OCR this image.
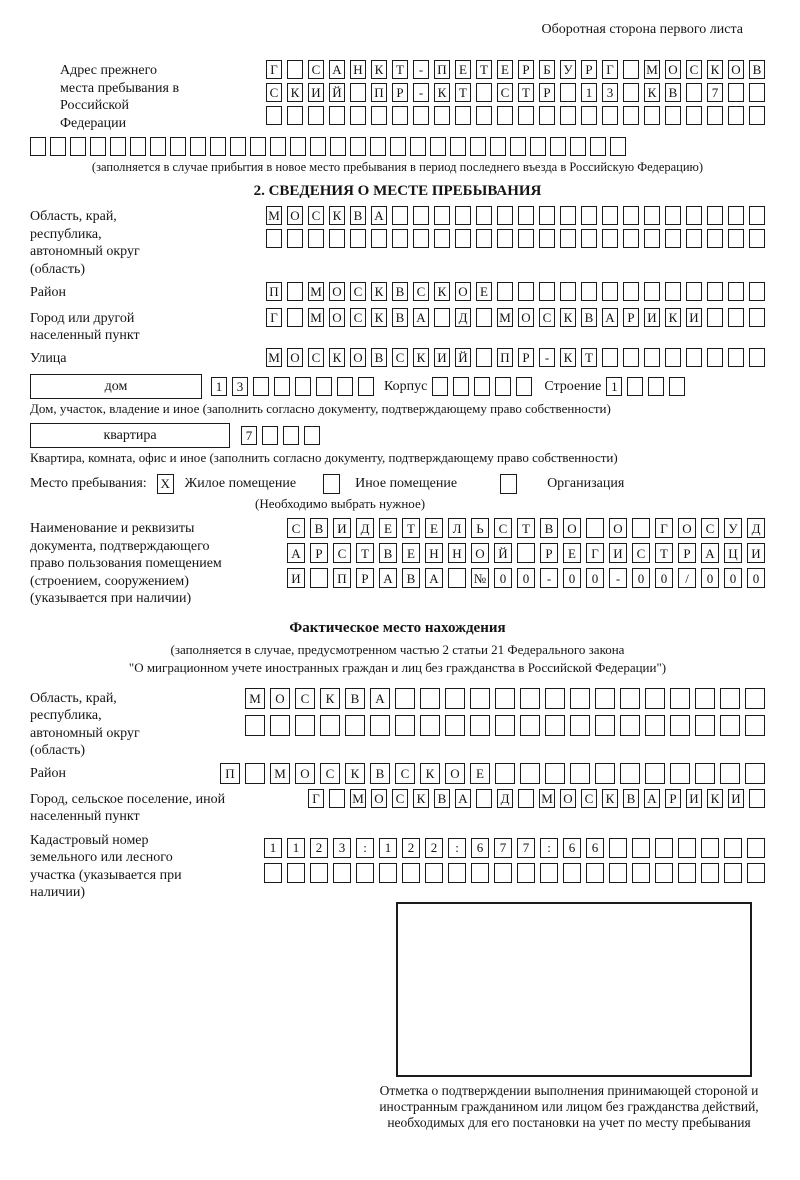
Оборотная сторона первого листа
Адрес прежнего места пребывания в Российской Федерации
Г	С А Н К Т	-	П Е	Т	Е	Р	Б У Р	Г	М О С К О В
С К И Й	П Р	-	К Т	С Т	Р	1	3	К В	7
(заполняется в случае прибытия в новое место пребывания в период последнего въезда в Российскую Федерацию)
2. СВЕДЕНИЯ О МЕСТЕ ПРЕБЫВАНИЯ
Область, край, республика, автономный округ (область)
М О С К В А
Район	П М О С К В С К О Е
Город или другой населенный пункт
Г	М О С К В А	Д М О С К В А Р И К И
Улица	М О С К О В С К И Й	П Р	-	К Т
дом	1	3	Корпус	Строение 1
Дом, участок, владение и иное (заполнить согласно документу, подтверждающему право собственности)
квартира	7
Квартира, комната, офис и иное (заполнить согласно документу, подтверждающему право собственности)
Место пребывания: X Жилое помещение	Иное помещение	Организация
(Необходимо выбрать нужное)
Наименование и реквизиты документа, подтверждающего право пользования помещением (строением, сооружением) (указывается при наличии)
С	В	И	Д	Е	Т	Е	Л	Ь	С	Т	В	О	О	Г	О	С	У	Д
А	Р	С	Т	В	Е	Н	Н	О	Й	Р	Е	Г	И	С	Т	Р	А	Ц	И
И	П	Р	А	В	А	№	0	0	-	0	0	-	0	0	/	0	0	0
Фактическое место нахождения
(заполняется в случае, предусмотренном частью 2 статьи 21 Федерального закона
"О миграционном учете иностранных граждан и лиц без гражданства в Российской Федерации")
Область, край, республика, автономный округ (область)
М	О	С	К	В	А
Район	П	М	О	С	К	В	С	К	О	Е
Город, сельское поселение, иной населенный пункт
Г	М О С К В А	Д М О С К В А Р И К И
Кадастровый номер земельного или лесного участка (указывается при наличии)
1	1	2	3	:	1	2	2	:	6	7	7	:	6	6
Отметка о подтверждении выполнения принимающей стороной и иностранным гражданином или лицом без гражданства действий, необходимых для его постановки на учет по месту пребывания
